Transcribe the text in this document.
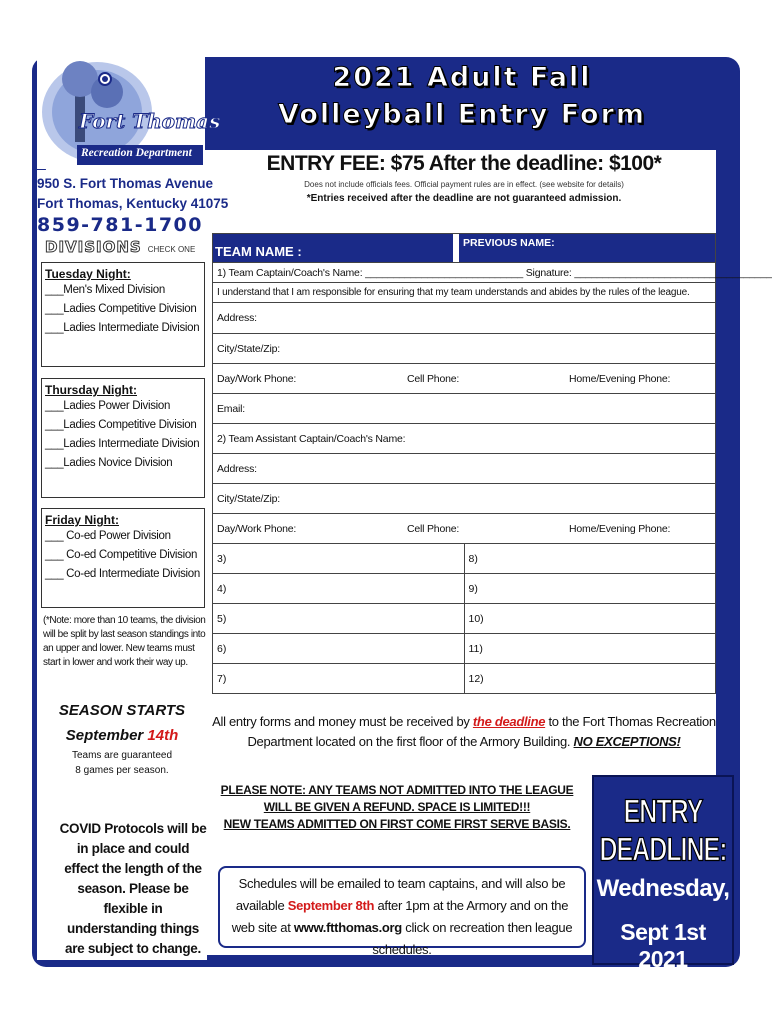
Fort Thomas
Recreation Department
2021 Adult Fall
Volleyball Entry Form
950 S. Fort Thomas Avenue
Fort Thomas, Kentucky 41075
859-781-1700
DIVISIONS CHECK ONE
Tuesday Night:
___Men's Mixed Division
___Ladies Competitive Division
___Ladies Intermediate Division
Thursday Night:
___Ladies Power Division
___Ladies Competitive Division
___Ladies Intermediate Division
___Ladies Novice Division
Friday Night:
___ Co-ed Power Division
___ Co-ed Competitive Division
___ Co-ed Intermediate Division
(*Note: more than 10 teams, the division will be split by last season standings into an upper and lower. New teams must start in lower and work their way up.
SEASON STARTS
September 14th
Teams are guaranteed
8 games per season.
COVID Protocols will be in place and could effect the length of the season. Please be flexible in understanding things are subject to change.
ENTRY FEE: $75 After the deadline: $100*
Does not include officials fees. Official payment rules are in effect. (see website for details)
*Entries received after the deadline are not guaranteed admission.
TEAM NAME :
PREVIOUS NAME:
1) Team Captain/Coach's Name: ____________________________ Signature: ___________________________________
I understand that I am responsible for ensuring that my team understands and abides by the rules of the league.
Address:
City/State/Zip:
Day/Work Phone:	Cell Phone:	Home/Evening Phone:
Email:
2) Team Assistant Captain/Coach's Name:
Address:
City/State/Zip:
Day/Work Phone:	Cell Phone:	Home/Evening Phone:
3)	8)
4)	9)
5)	10)
6)	11)
7)	12)
All entry forms and money must be received by the deadline to the Fort Thomas Recreation Department located on the first floor of the Armory Building. NO EXCEPTIONS!
PLEASE NOTE: ANY TEAMS NOT ADMITTED INTO THE LEAGUE
WILL BE GIVEN A REFUND. SPACE IS LIMITED!!!
NEW TEAMS ADMITTED ON FIRST COME FIRST SERVE BASIS.
Schedules will be emailed to team captains, and will also be available September 8th after 1pm at the Armory and on the web site at www.ftthomas.org click on recreation then league schedules.
ENTRY DEADLINE:
Wednesday,
Sept 1st 2021
